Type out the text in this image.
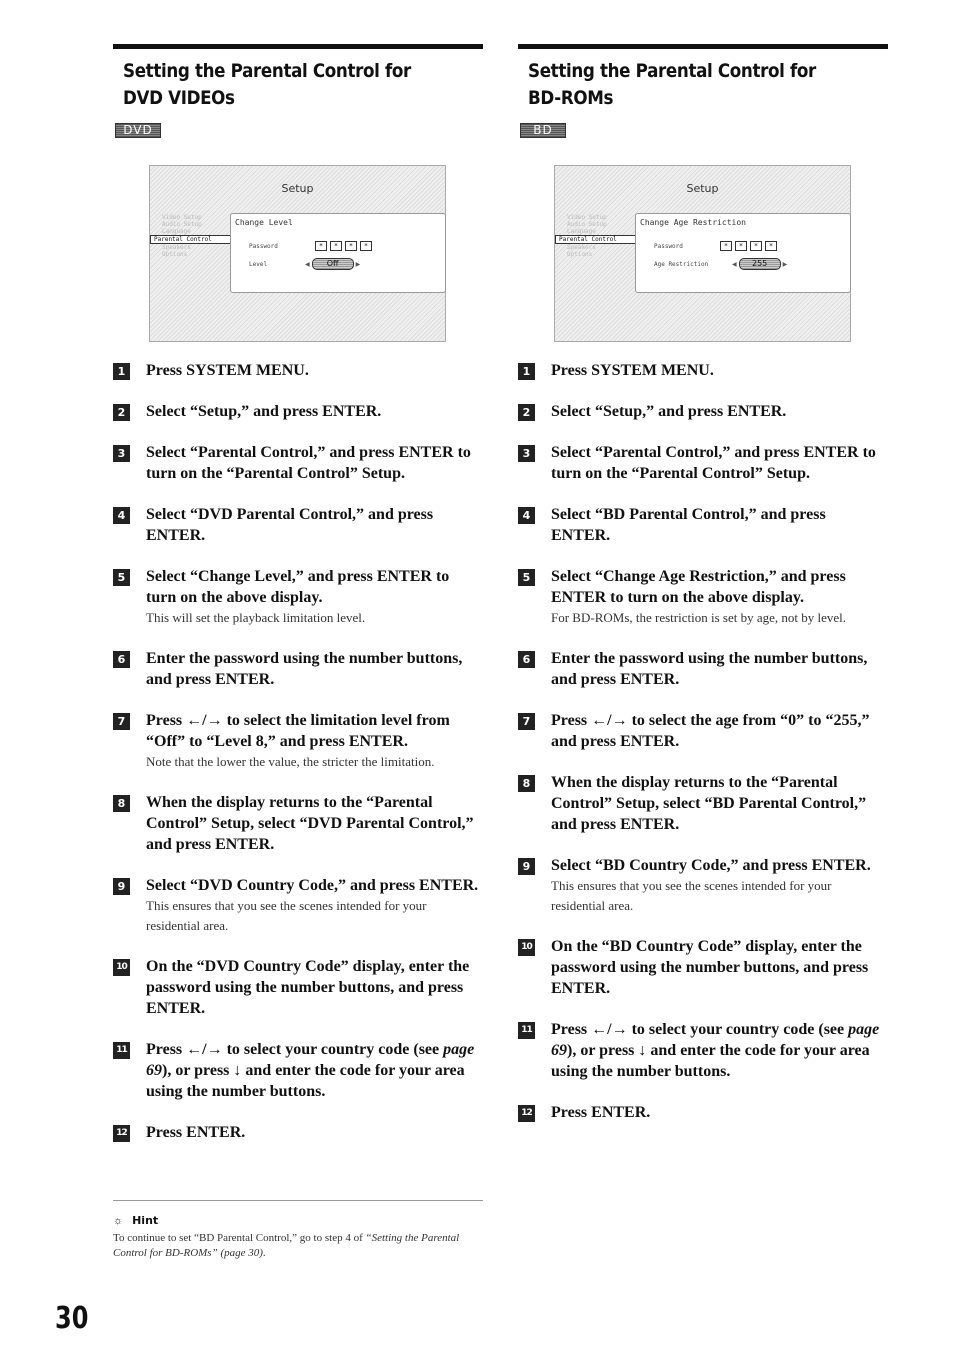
Setting the Parental Control for DVD VIDEOs
DVD
Setup
Video Setup
Audio Setup
Language
Parental Control
Speakers
Options
Change Level
Password	*	*	*	*
Level	◀	Off	▶
1 Press SYSTEM MENU.
2 Select “Setup,” and press ENTER.
3 Select “Parental Control,” and press ENTER to turn on the “Parental Control” Setup.
4 Select “DVD Parental Control,” and press ENTER.
5 Select “Change Level,” and press ENTER to turn on the above display.
This will set the playback limitation level.
6 Enter the password using the number buttons, and press ENTER.
7 Press ←/→ to select the limitation level from “Off” to “Level 8,” and press ENTER.
Note that the lower the value, the stricter the limitation.
8 When the display returns to the “Parental Control” Setup, select “DVD Parental Control,” and press ENTER.
9 Select “DVD Country Code,” and press ENTER.
This ensures that you see the scenes intended for your residential area.
10 On the “DVD Country Code” display, enter the password using the number buttons, and press ENTER.
11 Press ←/→ to select your country code (see page 69), or press ↓ and enter the code for your area using the number buttons.
12 Press ENTER.
Setting the Parental Control for BD-ROMs
BD
Setup
Video Setup
Audio Setup
Language
Parental Control
Speakers
Options
Change Age Restriction
Password	*	*	*	*
Age Restriction	◀	255	▶
1 Press SYSTEM MENU.
2 Select “Setup,” and press ENTER.
3 Select “Parental Control,” and press ENTER to turn on the “Parental Control” Setup.
4 Select “BD Parental Control,” and press ENTER.
5 Select “Change Age Restriction,” and press ENTER to turn on the above display.
For BD-ROMs, the restriction is set by age, not by level.
6 Enter the password using the number buttons, and press ENTER.
7 Press ←/→ to select the age from “0” to “255,” and press ENTER.
8 When the display returns to the “Parental Control” Setup, select “BD Parental Control,” and press ENTER.
9 Select “BD Country Code,” and press ENTER.
This ensures that you see the scenes intended for your residential area.
10 On the “BD Country Code” display, enter the password using the number buttons, and press ENTER.
11 Press ←/→ to select your country code (see page 69), or press ↓ and enter the code for your area using the number buttons.
12 Press ENTER.
☼ Hint
To continue to set “BD Parental Control,” go to step 4 of “Setting the Parental Control for BD-ROMs” (page 30).
30
